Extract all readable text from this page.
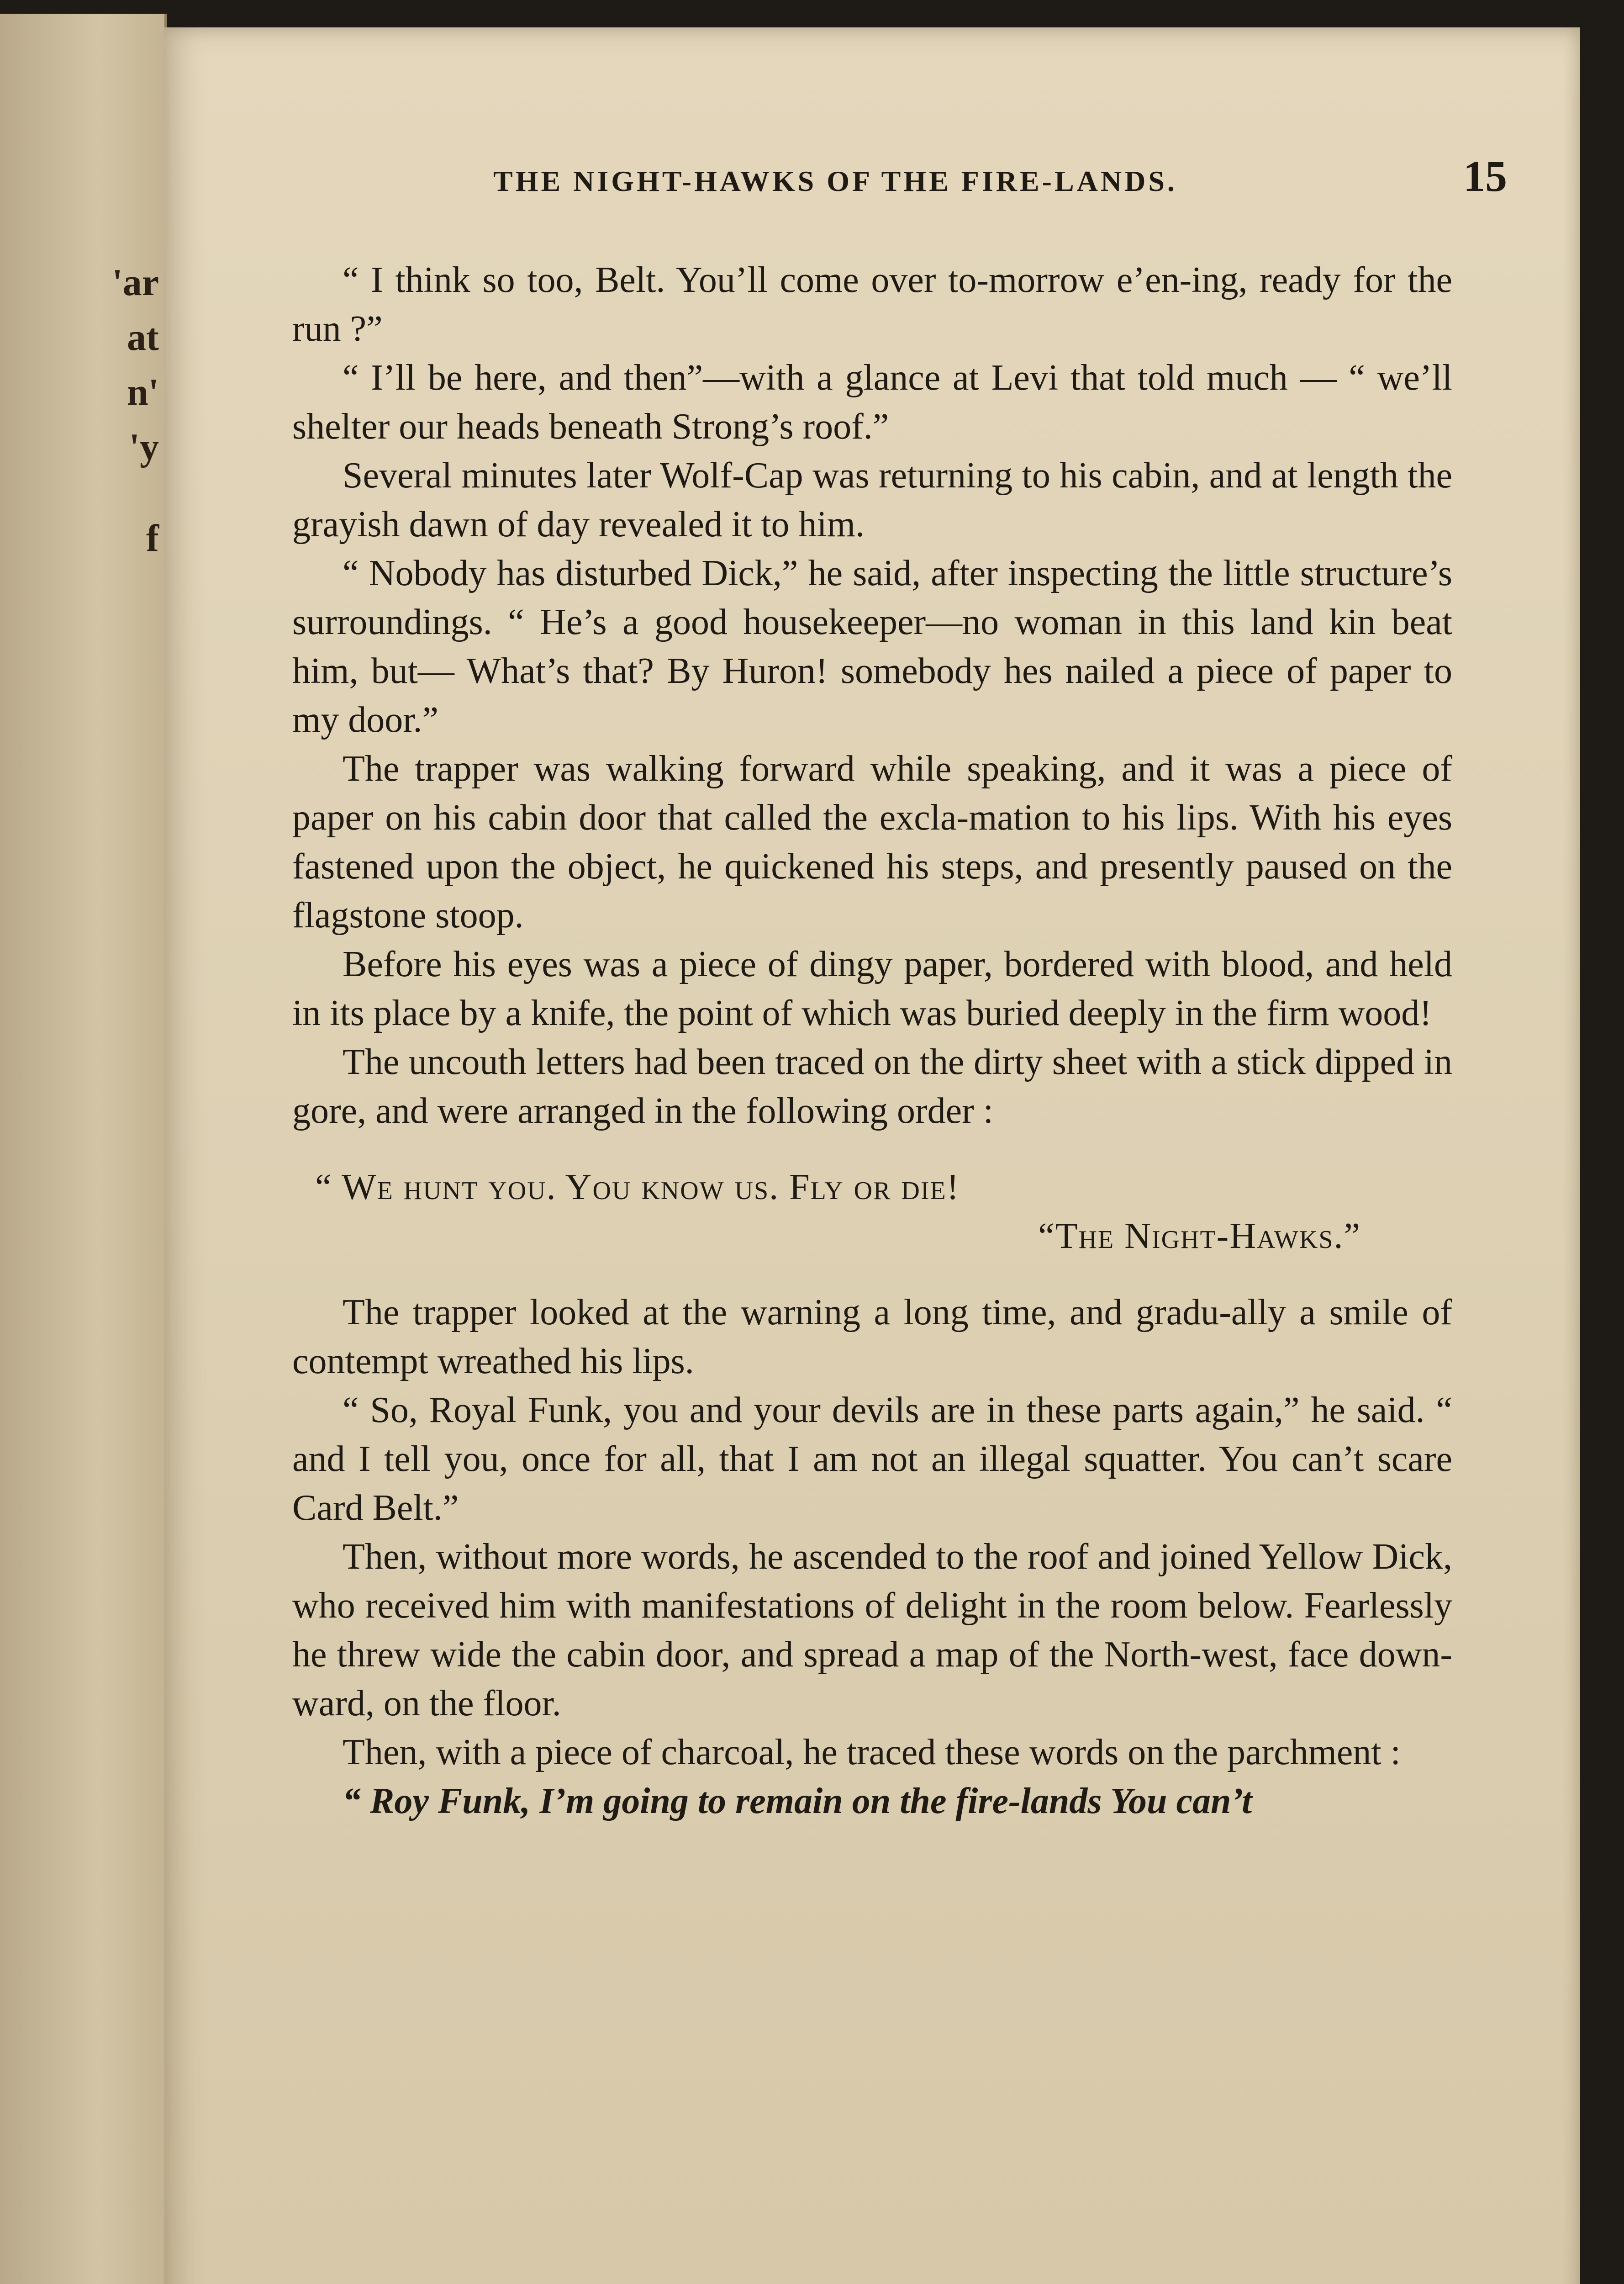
'ar
at
n'
'y
f
THE NIGHT-HAWKS OF THE FIRE-LANDS.	15

“ I think so too, Belt. You’ll come over to-morrow e’en-ing, ready for the run ?”

“ I’ll be here, and then”—with a glance at Levi that told much — “ we’ll shelter our heads beneath Strong’s roof.”

Several minutes later Wolf-Cap was returning to his cabin, and at length the grayish dawn of day revealed it to him.

“ Nobody has disturbed Dick,” he said, after inspecting the little structure’s surroundings. “ He’s a good housekeeper—no woman in this land kin beat him, but— What’s that? By Huron! somebody hes nailed a piece of paper to my door.”

The trapper was walking forward while speaking, and it was a piece of paper on his cabin door that called the excla-mation to his lips. With his eyes fastened upon the object, he quickened his steps, and presently paused on the flagstone stoop.

Before his eyes was a piece of dingy paper, bordered with blood, and held in its place by a knife, the point of which was buried deeply in the firm wood!

The uncouth letters had been traced on the dirty sheet with a stick dipped in gore, and were arranged in the following order :

“ We hunt you. You know us. Fly or die!
“The Night-Hawks.”

The trapper looked at the warning a long time, and gradu-ally a smile of contempt wreathed his lips.

“ So, Royal Funk, you and your devils are in these parts again,” he said. “ and I tell you, once for all, that I am not an illegal squatter. You can’t scare Card Belt.”

Then, without more words, he ascended to the roof and joined Yellow Dick, who received him with manifestations of delight in the room below. Fearlessly he threw wide the cabin door, and spread a map of the North-west, face down-ward, on the floor.

Then, with a piece of charcoal, he traced these words on the parchment :

“ Roy Funk, I’m going to remain on the fire-lands You can’t
